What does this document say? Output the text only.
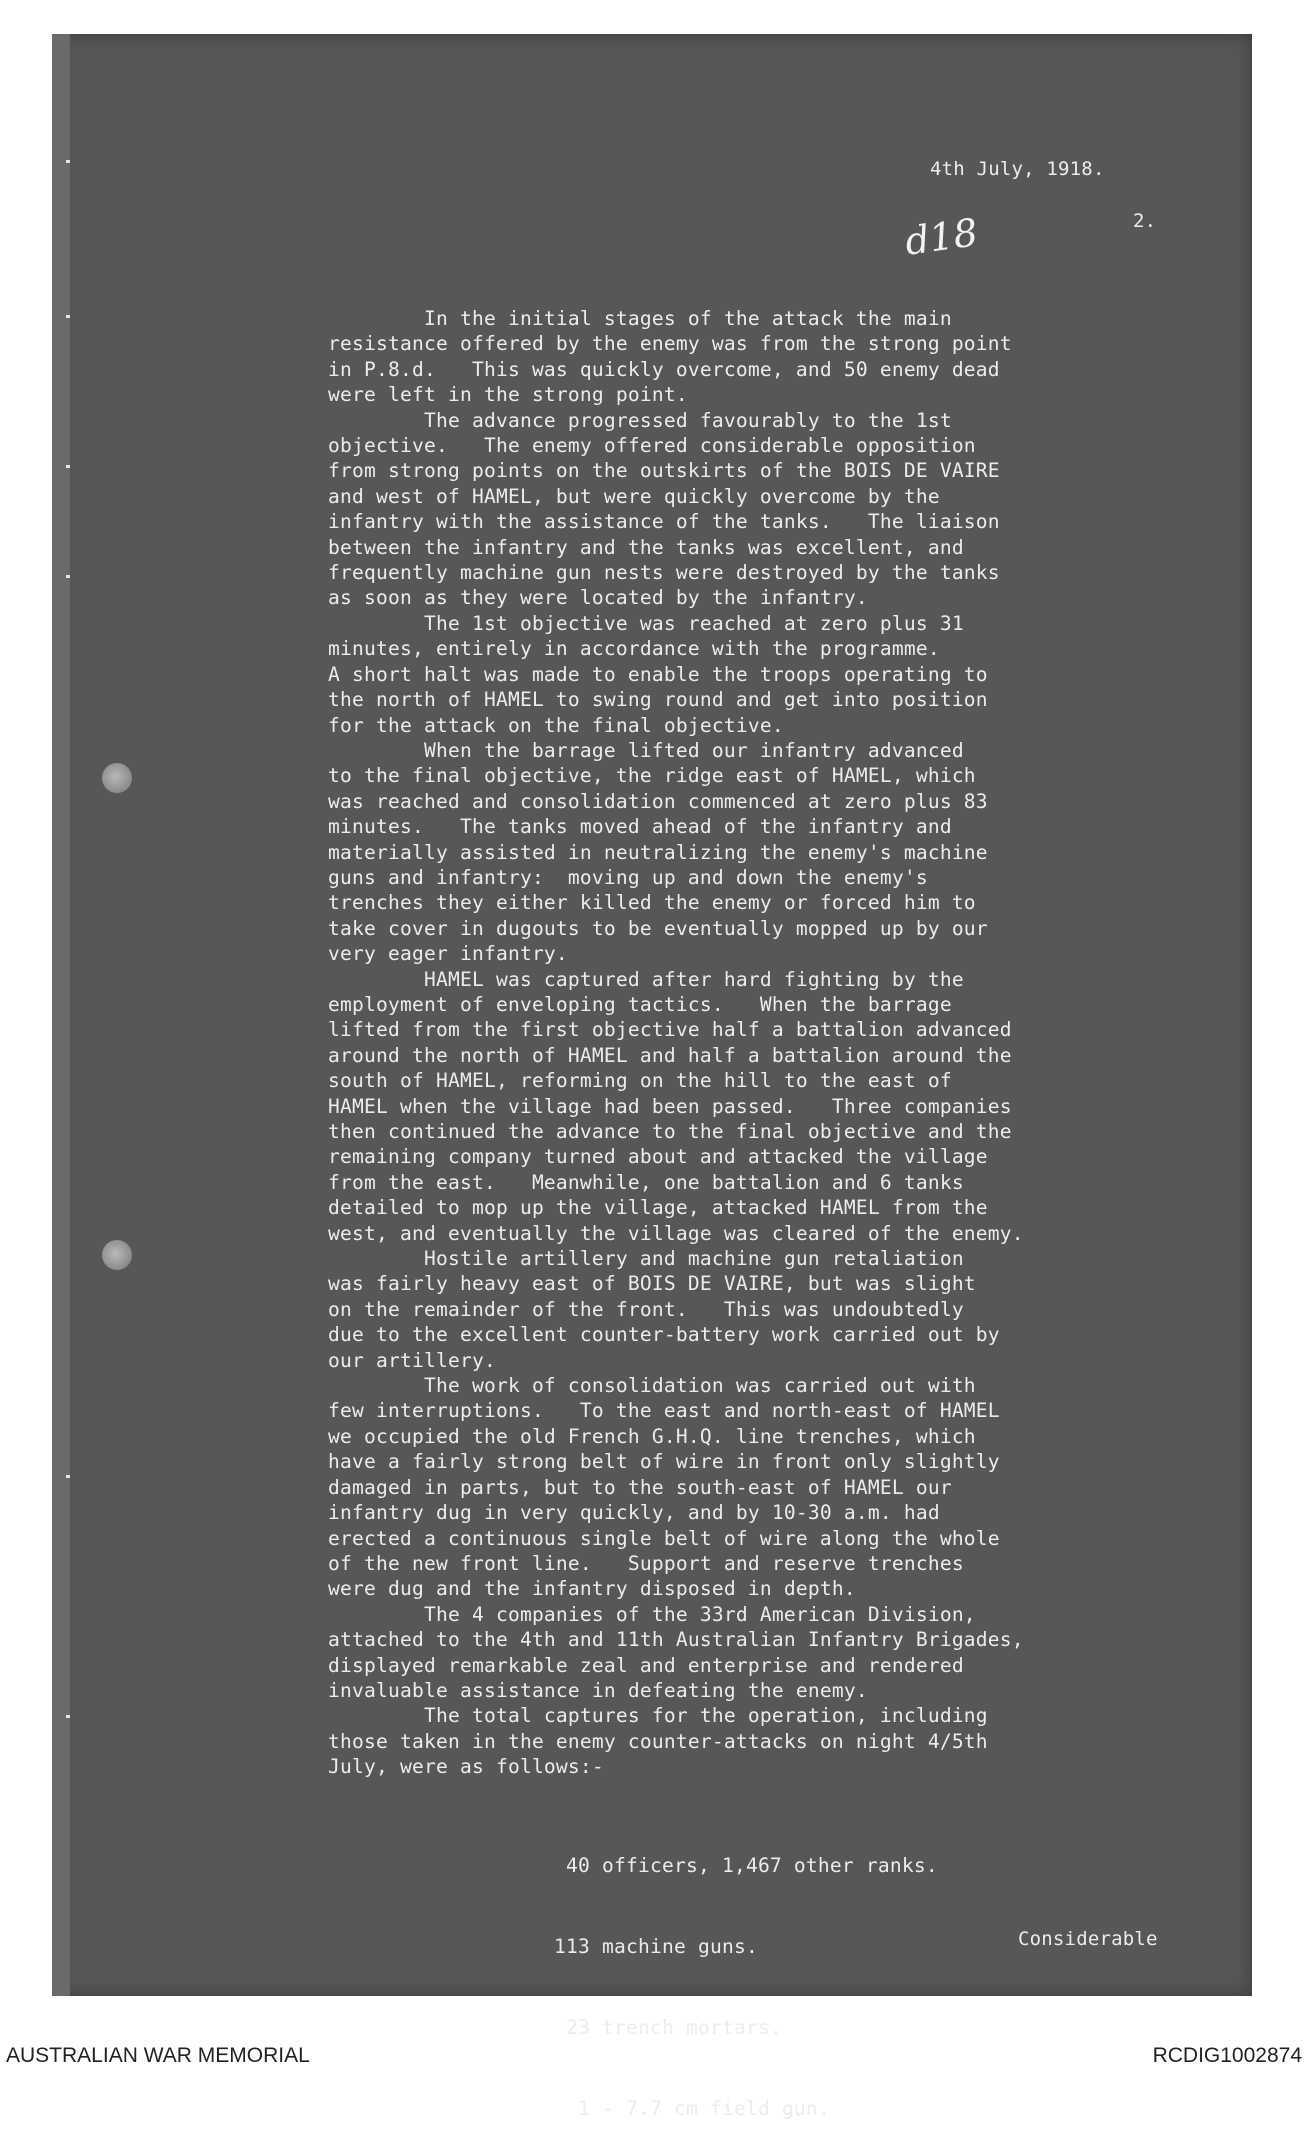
4th July, 1918.
2.
d18
In the initial stages of the attack the main
resistance offered by the enemy was from the strong point
in P.8.d.   This was quickly overcome, and 50 enemy dead
were left in the strong point.
The advance progressed favourably to the 1st
objective.   The enemy offered considerable opposition
from strong points on the outskirts of the BOIS DE VAIRE
and west of HAMEL, but were quickly overcome by the
infantry with the assistance of the tanks.   The liaison
between the infantry and the tanks was excellent, and
frequently machine gun nests were destroyed by the tanks
as soon as they were located by the infantry.
The 1st objective was reached at zero plus 31
minutes, entirely in accordance with the programme.
A short halt was made to enable the troops operating to
the north of HAMEL to swing round and get into position
for the attack on the final objective.
When the barrage lifted our infantry advanced
to the final objective, the ridge east of HAMEL, which
was reached and consolidation commenced at zero plus 83
minutes.   The tanks moved ahead of the infantry and
materially assisted in neutralizing the enemy's machine
guns and infantry:  moving up and down the enemy's
trenches they either killed the enemy or forced him to
take cover in dugouts to be eventually mopped up by our
very eager infantry.
HAMEL was captured after hard fighting by the
employment of enveloping tactics.   When the barrage
lifted from the first objective half a battalion advanced
around the north of HAMEL and half a battalion around the
south of HAMEL, reforming on the hill to the east of
HAMEL when the village had been passed.   Three companies
then continued the advance to the final objective and the
remaining company turned about and attacked the village
from the east.   Meanwhile, one battalion and 6 tanks
detailed to mop up the village, attacked HAMEL from the
west, and eventually the village was cleared of the enemy.
Hostile artillery and machine gun retaliation
was fairly heavy east of BOIS DE VAIRE, but was slight
on the remainder of the front.   This was undoubtedly
due to the excellent counter-battery work carried out by
our artillery.
The work of consolidation was carried out with
few interruptions.   To the east and north-east of HAMEL
we occupied the old French G.H.Q. line trenches, which
have a fairly strong belt of wire in front only slightly
damaged in parts, but to the south-east of HAMEL our
infantry dug in very quickly, and by 10-30 a.m. had
erected a continuous single belt of wire along the whole
of the new front line.   Support and reserve trenches
were dug and the infantry disposed in depth.
The 4 companies of the 33rd American Division,
attached to the 4th and 11th Australian Infantry Brigades,
displayed remarkable zeal and enterprise and rendered
invaluable assistance in defeating the enemy.
The total captures for the operation, including
those taken in the enemy counter-attacks on night 4/5th
July, were as follows:-

40 officers, 1,467 other ranks.

113 machine guns.

23 trench mortars.

1 - 7.7 cm field gun.

Considerable
AUSTRALIAN WAR MEMORIAL	RCDIG1002874
